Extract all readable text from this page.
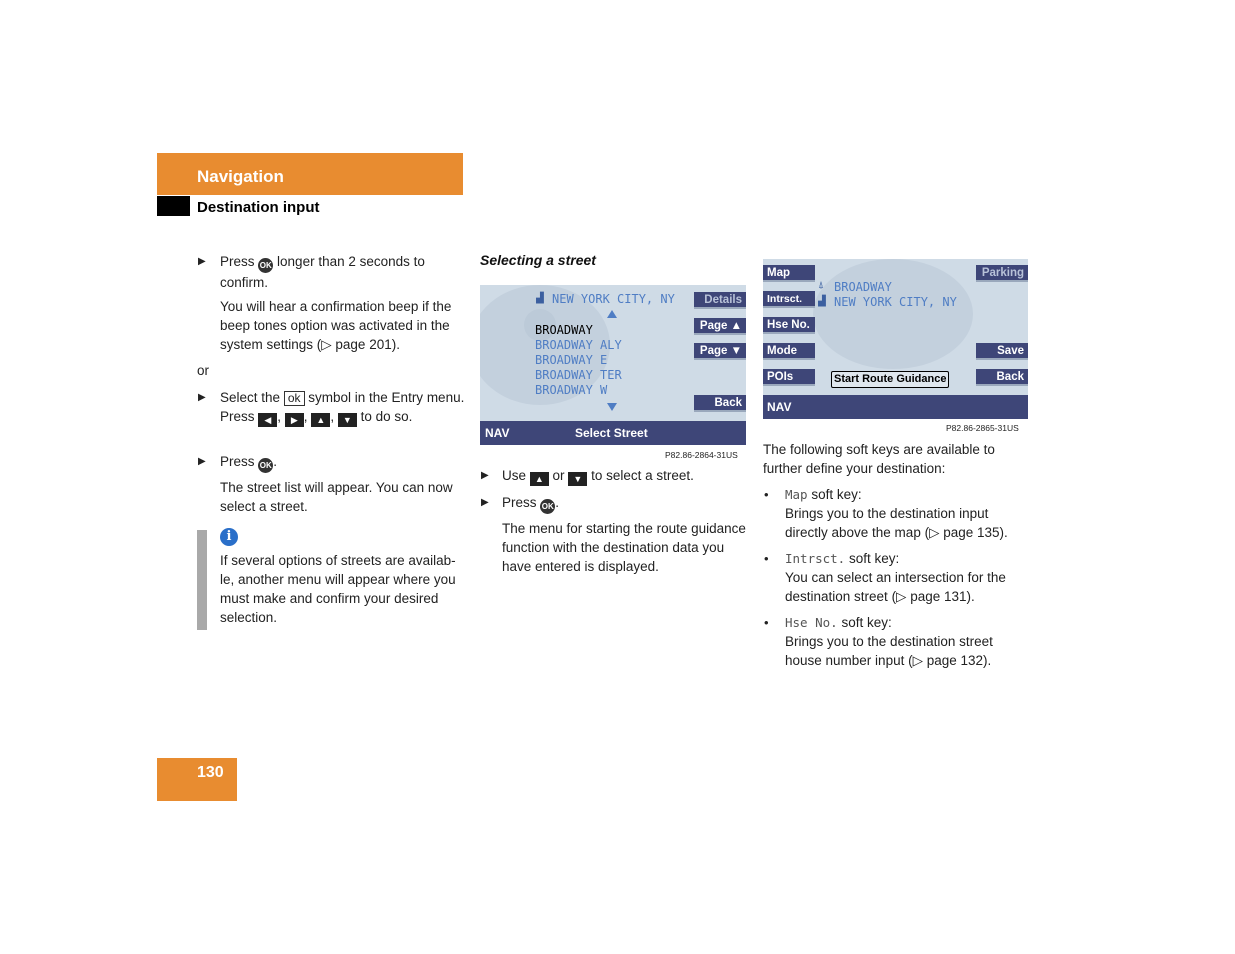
Navigation
Destination input
▶ Press OK longer than 2 seconds to confirm.
You will hear a confirmation beep if the beep tones option was activated in the system settings (▷ page 201).
or
▶ Select the ok symbol in the Entry menu. Press ◀ , ▶ , ▲ , ▼ to do so.
▶ Press OK .
The street list will appear. You can now select a street.
i
If several options of streets are availab-le, another menu will appear where you must make and confirm your desired selection.
Selecting a street
▟ NEW YORK CITY, NY
BROADWAY
BROADWAY ALY
BROADWAY E
BROADWAY TER
BROADWAY W
Details
Page ▲
Page ▼
Back
NAV	Select Street
P82.86-2864-31US
▶ Use ▲ or ▼ to select a street.
▶ Press OK .
The menu for starting the route guidance function with the destination data you have entered is displayed.
Map
Intrsct.
Hse No.
Mode
POIs
⍋ BROADWAY
▟ NEW YORK CITY, NY
Start Route Guidance
Parking
Save
Back
NAV
P82.86-2865-31US
The following soft keys are available to further define your destination:
• Map soft key:
Brings you to the destination input directly above the map (▷ page 135).
• Intrsct. soft key:
You can select an intersection for the destination street (▷ page 131).
• Hse No. soft key:
Brings you to the destination street house number input (▷ page 132).
130
